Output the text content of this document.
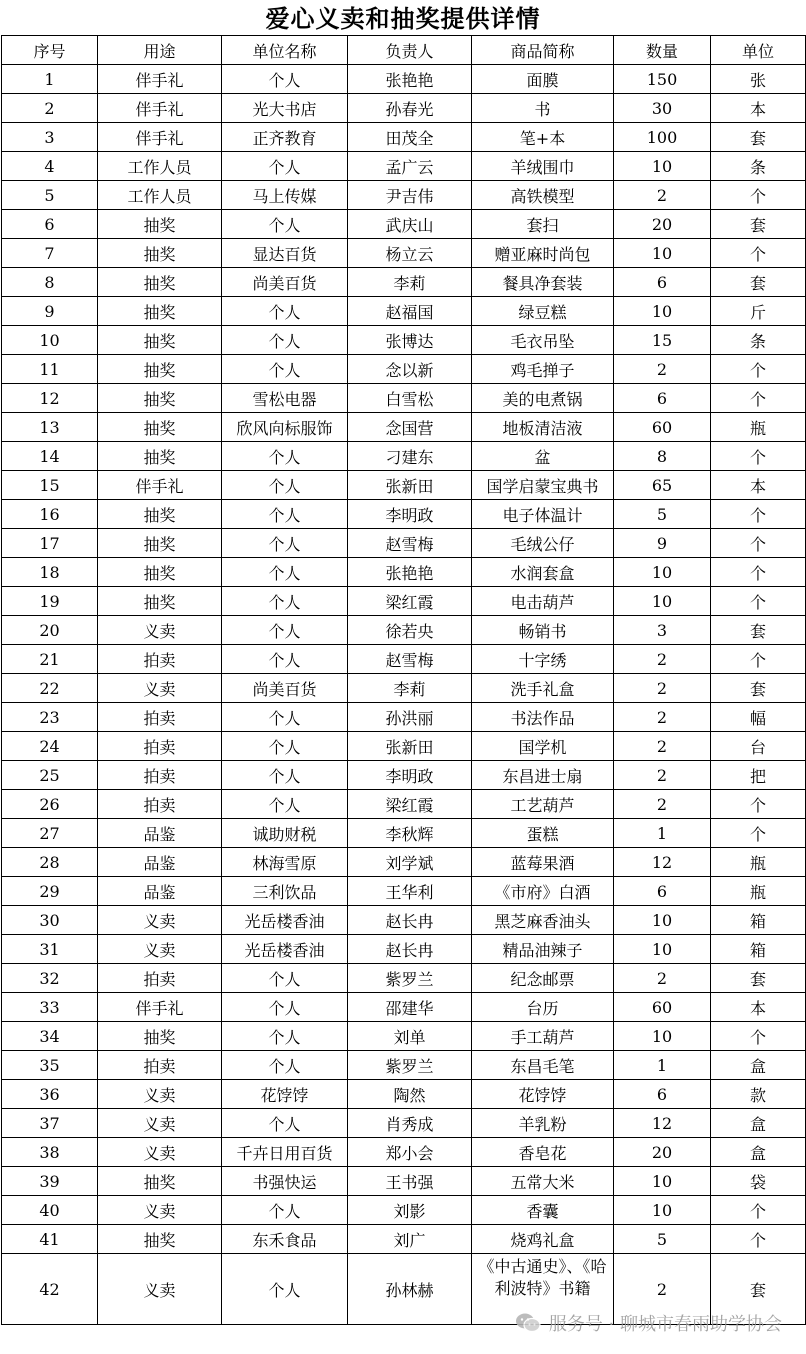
爱心义卖和抽奖提供详情
序号	用途	单位名称	负责人	商品简称	数量	单位
1	伴手礼	个人	张艳艳	面膜	150	张
2	伴手礼	光大书店	孙春光	书	30	本
3	伴手礼	正齐教育	田茂全	笔+本	100	套
4	工作人员	个人	孟广云	羊绒围巾	10	条
5	工作人员	马上传媒	尹吉伟	高铁模型	2	个
6	抽奖	个人	武庆山	套扫	20	套
7	抽奖	显达百货	杨立云	赠亚麻时尚包	10	个
8	抽奖	尚美百货	李莉	餐具净套装	6	套
9	抽奖	个人	赵福国	绿豆糕	10	斤
10	抽奖	个人	张博达	毛衣吊坠	15	条
11	抽奖	个人	念以新	鸡毛掸子	2	个
12	抽奖	雪松电器	白雪松	美的电煮锅	6	个
13	抽奖	欣风向标服饰	念国营	地板清洁液	60	瓶
14	抽奖	个人	刁建东	盆	8	个
15	伴手礼	个人	张新田	国学启蒙宝典书	65	本
16	抽奖	个人	李明政	电子体温计	5	个
17	抽奖	个人	赵雪梅	毛绒公仔	9	个
18	抽奖	个人	张艳艳	水润套盒	10	个
19	抽奖	个人	梁红霞	电击葫芦	10	个
20	义卖	个人	徐若央	畅销书	3	套
21	拍卖	个人	赵雪梅	十字绣	2	个
22	义卖	尚美百货	李莉	洗手礼盒	2	套
23	拍卖	个人	孙洪丽	书法作品	2	幅
24	拍卖	个人	张新田	国学机	2	台
25	拍卖	个人	李明政	东昌进士扇	2	把
26	拍卖	个人	梁红霞	工艺葫芦	2	个
27	品鉴	诚助财税	李秋辉	蛋糕	1	个
28	品鉴	林海雪原	刘学斌	蓝莓果酒	12	瓶
29	品鉴	三利饮品	王华利	《市府》白酒	6	瓶
30	义卖	光岳楼香油	赵长冉	黑芝麻香油头	10	箱
31	义卖	光岳楼香油	赵长冉	精品油辣子	10	箱
32	拍卖	个人	紫罗兰	纪念邮票	2	套
33	伴手礼	个人	邵建华	台历	60	本
34	抽奖	个人	刘单	手工葫芦	10	个
35	拍卖	个人	紫罗兰	东昌毛笔	1	盒
36	义卖	花饽饽	陶然	花饽饽	6	款
37	义卖	个人	肖秀成	羊乳粉	12	盒
38	义卖	千卉日用百货	郑小会	香皂花	20	盒
39	抽奖	书强快运	王书强	五常大米	10	袋
40	义卖	个人	刘影	香囊	10	个
41	抽奖	东禾食品	刘广	烧鸡礼盒	5	个
42	义卖	个人	孙林赫	《中古通史》、《哈利波特》书籍	2	套
服务号 · 聊城市春雨助学协会
